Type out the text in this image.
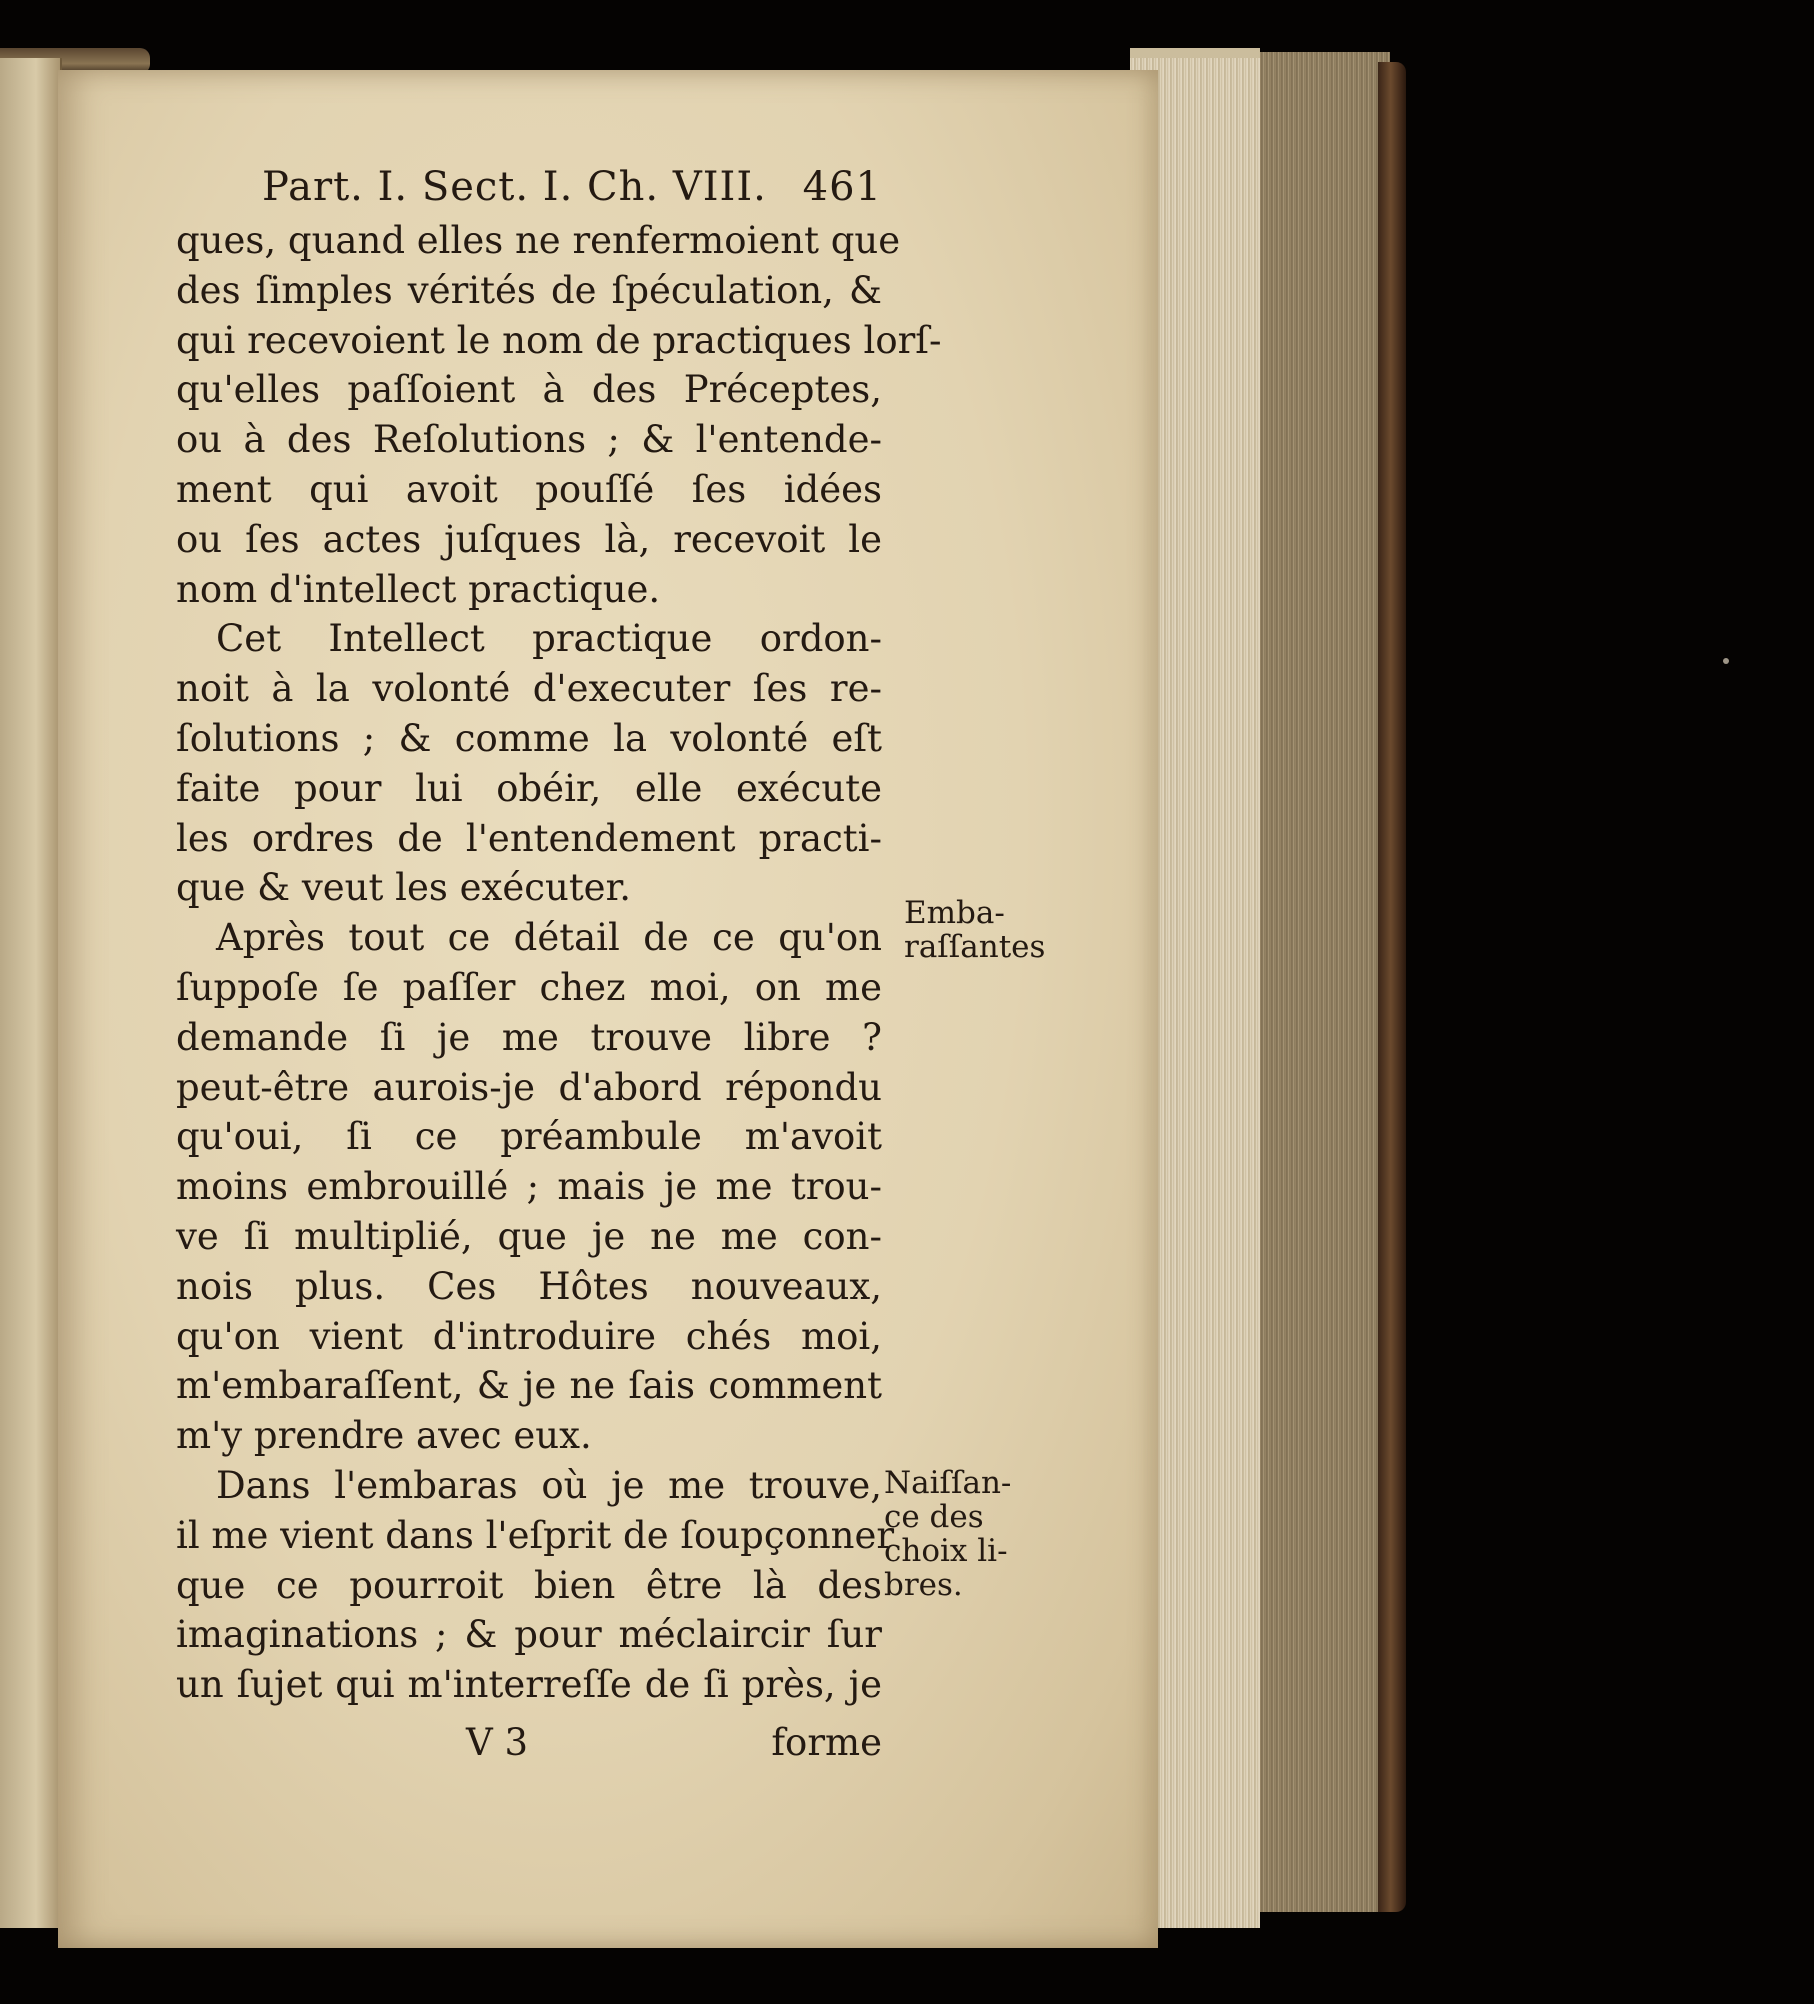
Part. I. Sect. I. Ch. VIII. 461
ques, quand elles ne renfermoient que
des ſimples vérités de ſpéculation, &
qui recevoient le nom de practiques lorſ-
qu'elles paſſoient à des Préceptes,
ou à des Reſolutions ; & l'entende-
ment qui avoit pouſſé ſes idées
ou ſes actes juſques là, recevoit le
nom d'intellect practique.
Cet Intellect practique ordon-
noit à la volonté d'executer ſes re-
ſolutions ; & comme la volonté eſt
faite pour lui obéir, elle exécute
les ordres de l'entendement practi-
que & veut les exécuter.
Après tout ce détail de ce qu'on
ſuppoſe ſe paſſer chez moi, on me
demande ſi je me trouve libre ?
peut-être aurois-je d'abord répondu
qu'oui, ſi ce préambule m'avoit
moins embrouillé ; mais je me trou-
ve ſi multiplié, que je ne me con-
nois plus. Ces Hôtes nouveaux,
qu'on vient d'introduire chés moi,
m'embaraſſent, & je ne ſais comment
m'y prendre avec eux.
Dans l'embaras où je me trouve,
il me vient dans l'eſprit de ſoupçonner
que ce pourroit bien être là des
imaginations ; & pour méclaircir ſur
un ſujet qui m'interreſſe de ſi près, je
V 3	forme
Emba-
raſſantes
Naiſſan-
ce des
choix li-
bres.
